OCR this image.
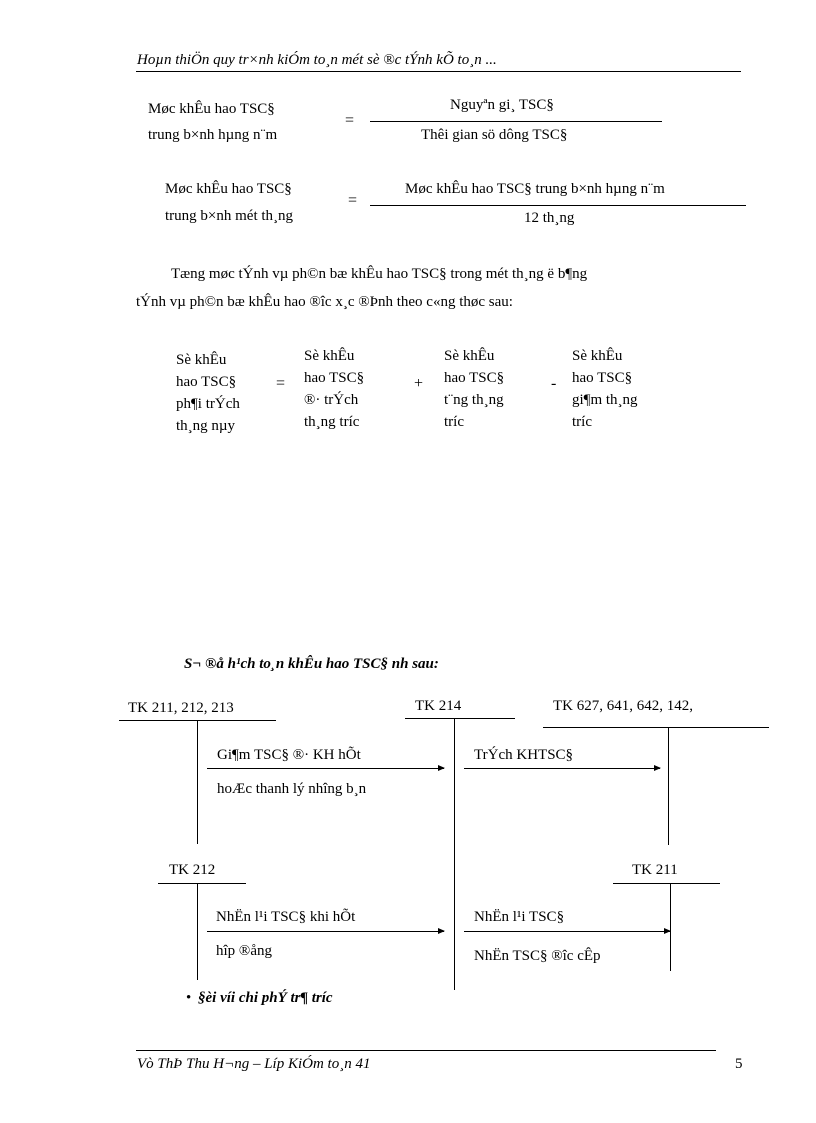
Hoµn thiÖn quy tr×nh kiÓm to¸n mét sè ®c tÝnh kÕ to¸n ...
Møc khÊu hao TSC§
trung b×nh hµng n¨m
=
Nguyªn gi¸ TSC§
Thêi gian sö dông TSC§
Møc khÊu hao TSC§
trung b×nh mét th¸ng
=
Møc khÊu hao TSC§ trung b×nh hµng n¨m
12 th¸ng
Tæng møc tÝnh vµ ph©n bæ khÊu hao TSC§ trong mét th¸ng ë b¶ng
tÝnh vµ ph©n bæ khÊu hao ®îc x¸c ®Þnh theo c«ng thøc sau:
Sè khÊu
hao TSC§
ph¶i trÝch
th¸ng nµy
=
Sè khÊu
hao TSC§
®· trÝch
th¸ng tríc
+
Sè khÊu
hao TSC§
t¨ng th¸ng
tríc
-
Sè khÊu
hao TSC§
gi¶m th¸ng
tríc
S¬ ®å h¹ch to¸n khÊu hao TSC§ nh sau:
TK 211, 212, 213	TK 214	TK 627, 641, 642, 142,
Gi¶m TSC§ ®· KH hÕt
hoÆc thanh lý nhîng b¸n
TrÝch KHTSC§
TK 212	TK 211
NhËn l¹i TSC§ khi hÕt
hîp ®ång
NhËn l¹i TSC§
NhËn TSC§ ®îc cÊp
• §èi víi chi phÝ tr¶ tríc
Vò ThÞ Thu H¬ng – Líp KiÓm to¸n 41	5
